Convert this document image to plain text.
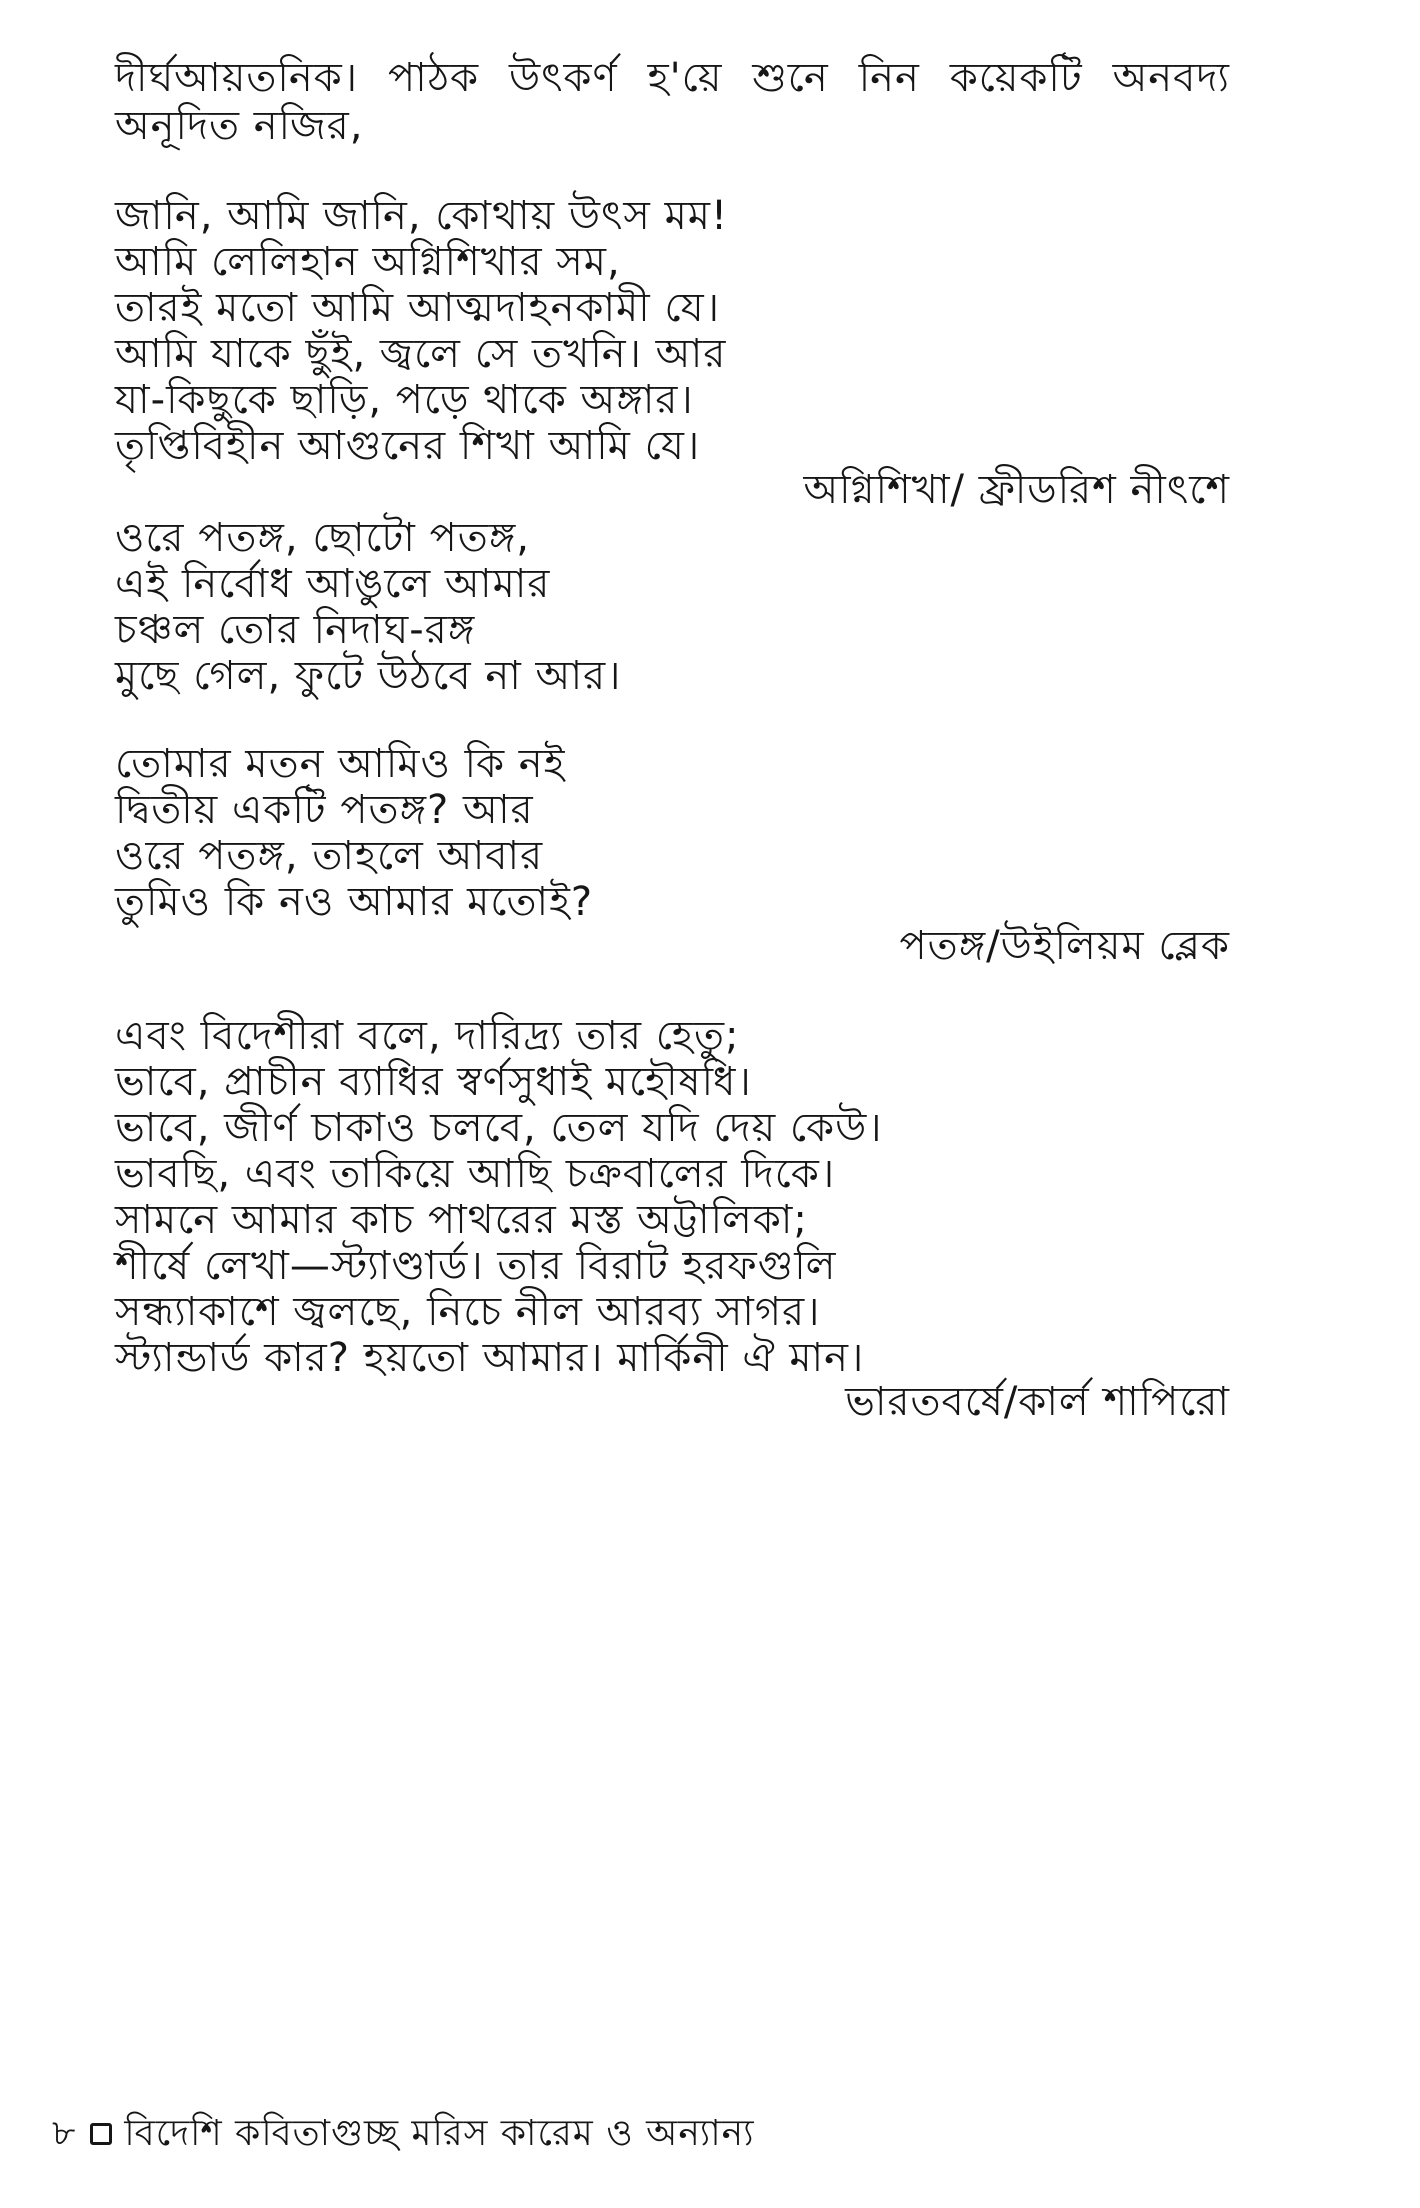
দীর্ঘআয়তনিক। পাঠক উৎকর্ণ হ'য়ে শুনে নিন কয়েকটি অনবদ্য
অনূদিত নজির,
জানি, আমি জানি, কোথায় উৎস মম!
আমি লেলিহান অগ্নিশিখার সম,
তারই মতো আমি আত্মদাহনকামী যে।
আমি যাকে ছুঁই, জ্বলে সে তখনি। আর
যা-কিছুকে ছাড়ি, পড়ে থাকে অঙ্গার।
তৃপ্তিবিহীন আগুনের শিখা আমি যে।
অগ্নিশিখা/ ফ্রীডরিশ নীৎশে
ওরে পতঙ্গ, ছোটো পতঙ্গ,
এই নির্বোধ আঙুলে আমার
চঞ্চল তোর নিদাঘ-রঙ্গ
মুছে গেল, ফুটে উঠবে না আর।
তোমার মতন আমিও কি নই
দ্বিতীয় একটি পতঙ্গ? আর
ওরে পতঙ্গ, তাহলে আবার
তুমিও কি নও আমার মতোই?
পতঙ্গ/উইলিয়ম ব্লেক
এবং বিদেশীরা বলে, দারিদ্র্য তার হেতু;
ভাবে, প্রাচীন ব্যাধির স্বর্ণসুধাই মহৌষধি।
ভাবে, জীর্ণ চাকাও চলবে, তেল যদি দেয় কেউ।
ভাবছি, এবং তাকিয়ে আছি চক্রবালের দিকে।
সামনে আমার কাচ পাথরের মস্ত অট্টালিকা;
শীর্ষে লেখা—স্ট্যাণ্ডার্ড। তার বিরাট হরফগুলি
সন্ধ্যাকাশে জ্বলছে, নিচে নীল আরব্য সাগর।
স্ট্যান্ডার্ড কার? হয়তো আমার। মার্কিনী ঐ মান।
ভারতবর্ষে/কার্ল শাপিরো
৮ বিদেশি কবিতাগুচ্ছ মরিস কারেম ও অন্যান্য
